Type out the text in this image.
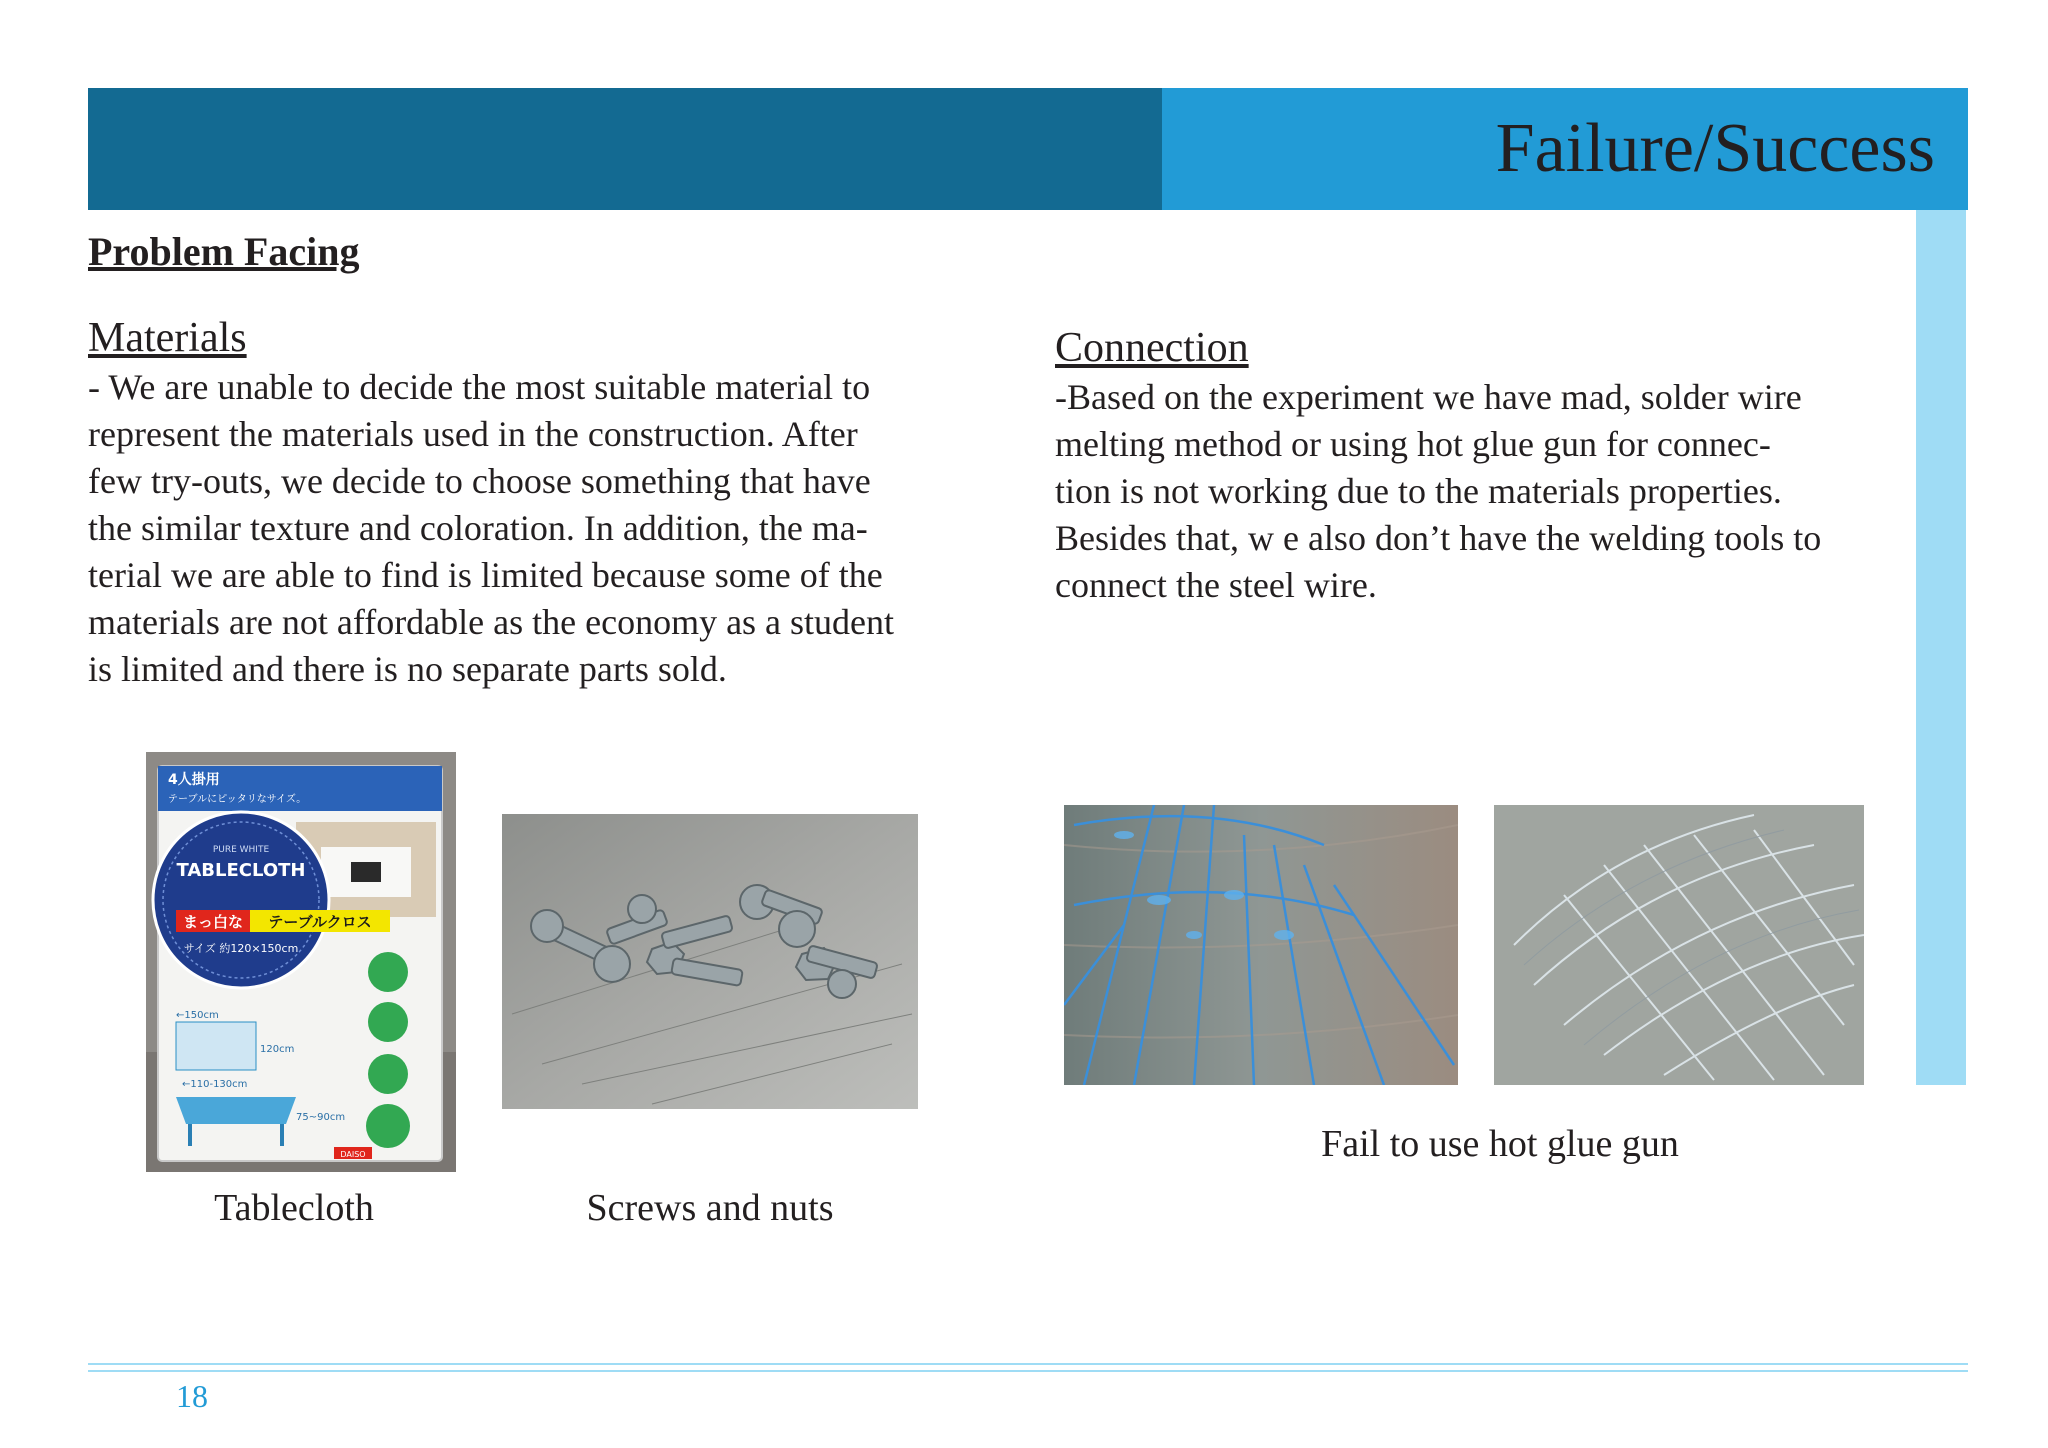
Failure/Success
Problem Facing
Materials
- We are unable to decide the most suitable material to
represent the materials used in the construction. After
few try-outs, we decide to choose something that have
the similar texture and coloration. In addition, the ma-
terial we are able to find is limited because some of the
materials are not affordable as the economy as a student
is limited and there is no separate parts sold.
Connection
-Based on the experiment we have mad, solder wire
melting method or using hot glue gun for connec-
tion is not working due to the materials properties.
Besides that, w e also don’t have the welding tools to
connect the steel wire.
4人掛用
テーブルにピッタリなサイズ。
PURE WHITE
TABLECLOTH
まっ白な テーブルクロス
サイズ 約120×150cm
←150cm
120cm
←110-130cm
75~90cm
DAISO
Tablecloth	Screws and nuts
Fail to use hot glue gun
18
